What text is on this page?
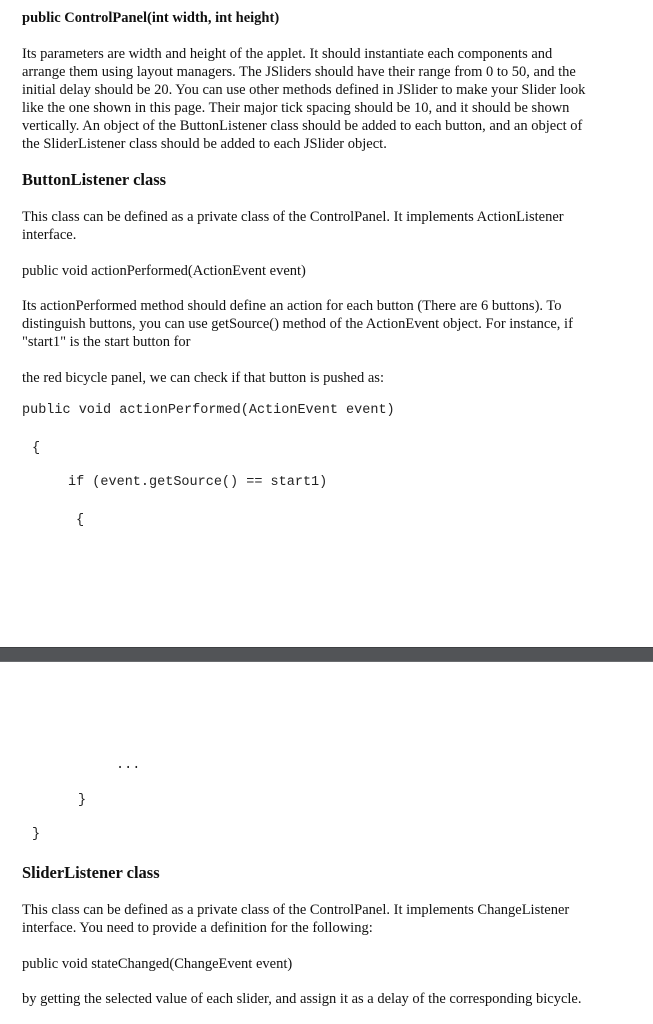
public ControlPanel(int width, int height)
Its parameters are width and height of the applet. It should instantiate each components and
arrange them using layout managers. The JSliders should have their range from 0 to 50, and the
initial delay should be 20. You can use other methods defined in JSlider to make your Slider look
like the one shown in this page. Their major tick spacing should be 10, and it should be shown
vertically. An object of the ButtonListener class should be added to each button, and an object of
the SliderListener class should be added to each JSlider object.
ButtonListener class
This class can be defined as a private class of the ControlPanel. It implements ActionListener
interface.
public void actionPerformed(ActionEvent event)
Its actionPerformed method should define an action for each button (There are 6 buttons). To
distinguish buttons, you can use getSource() method of the ActionEvent object. For instance, if
"start1" is the start button for
the red bicycle panel, we can check if that button is pushed as:
public void actionPerformed(ActionEvent event)
{
if (event.getSource() == start1)
{
...
}
}
SliderListener class
This class can be defined as a private class of the ControlPanel. It implements ChangeListener
interface. You need to provide a definition for the following:
public void stateChanged(ChangeEvent event)
by getting the selected value of each slider, and assign it as a delay of the corresponding bicycle.
